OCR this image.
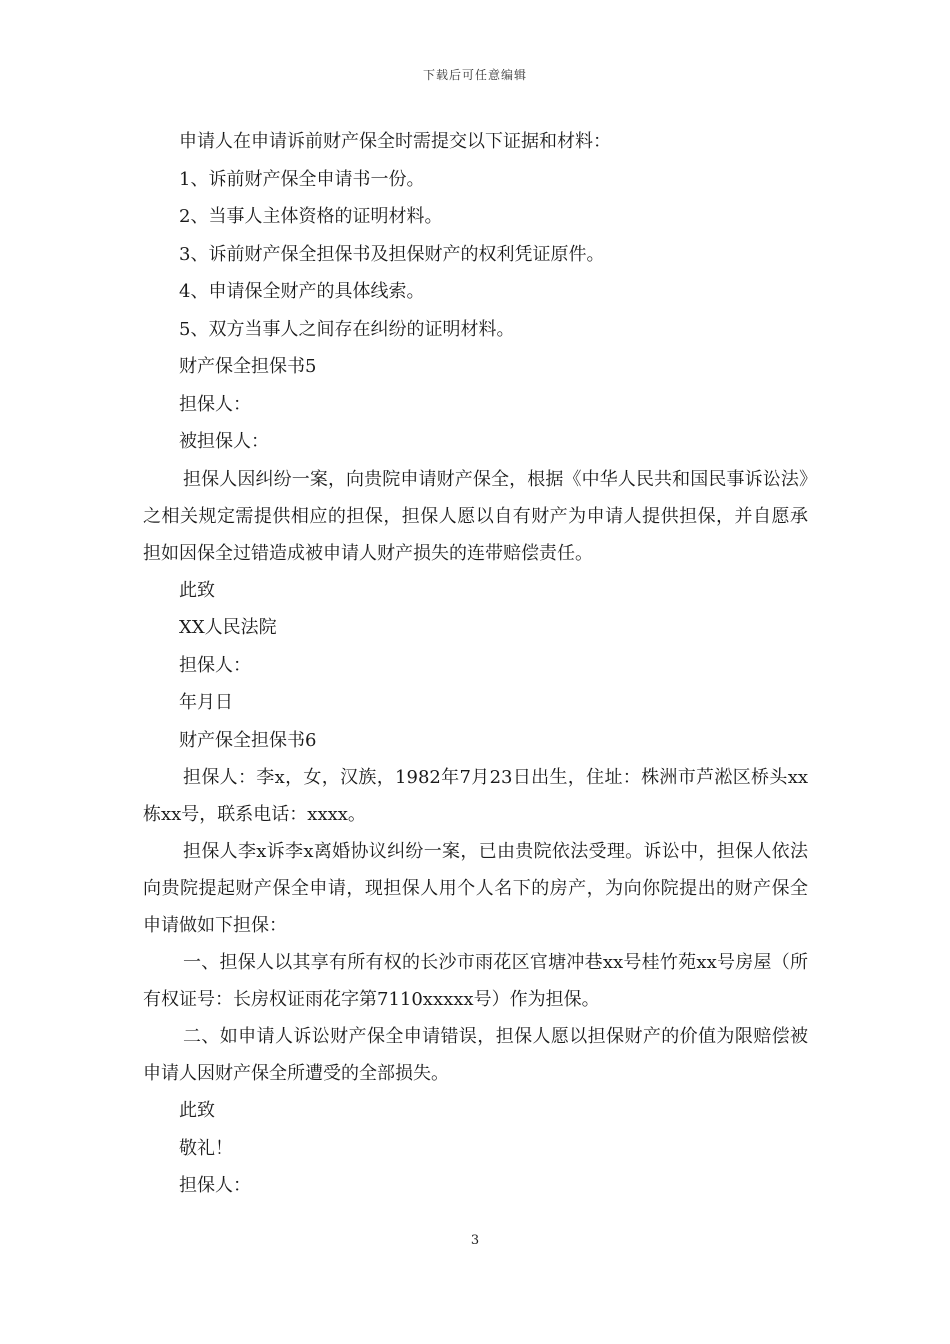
下载后可任意编辑

申请人在申请诉前财产保全时需提交以下证据和材料：

1、诉前财产保全申请书一份。

2、当事人主体资格的证明材料。

3、诉前财产保全担保书及担保财产的权利凭证原件。

4、申请保全财产的具体线索。

5、双方当事人之间存在纠纷的证明材料。

财产保全担保书5

担保人：

被担保人：

担保人因纠纷一案，向贵院申请财产保全，根据《中华人民共和国民事诉讼法》之相关规定需提供相应的担保，担保人愿以自有财产为申请人提供担保，并自愿承担如因保全过错造成被申请人财产损失的连带赔偿责任。

此致

XX人民法院

担保人：

年月日

财产保全担保书6

担保人：李x，女，汉族，1982年7月23日出生，住址：株洲市芦淞区桥头xx栋xx号，联系电话：xxxx。

担保人李x诉李x离婚协议纠纷一案，已由贵院依法受理。诉讼中，担保人依法向贵院提起财产保全申请，现担保人用个人名下的房产，为向你院提出的财产保全申请做如下担保：

一、担保人以其享有所有权的长沙市雨花区官塘冲巷xx号桂竹苑xx号房屋（所有权证号：长房权证雨花字第7110xxxxx号）作为担保。

二、如申请人诉讼财产保全申请错误，担保人愿以担保财产的价值为限赔偿被申请人因财产保全所遭受的全部损失。

此致

敬礼！

担保人：

3
